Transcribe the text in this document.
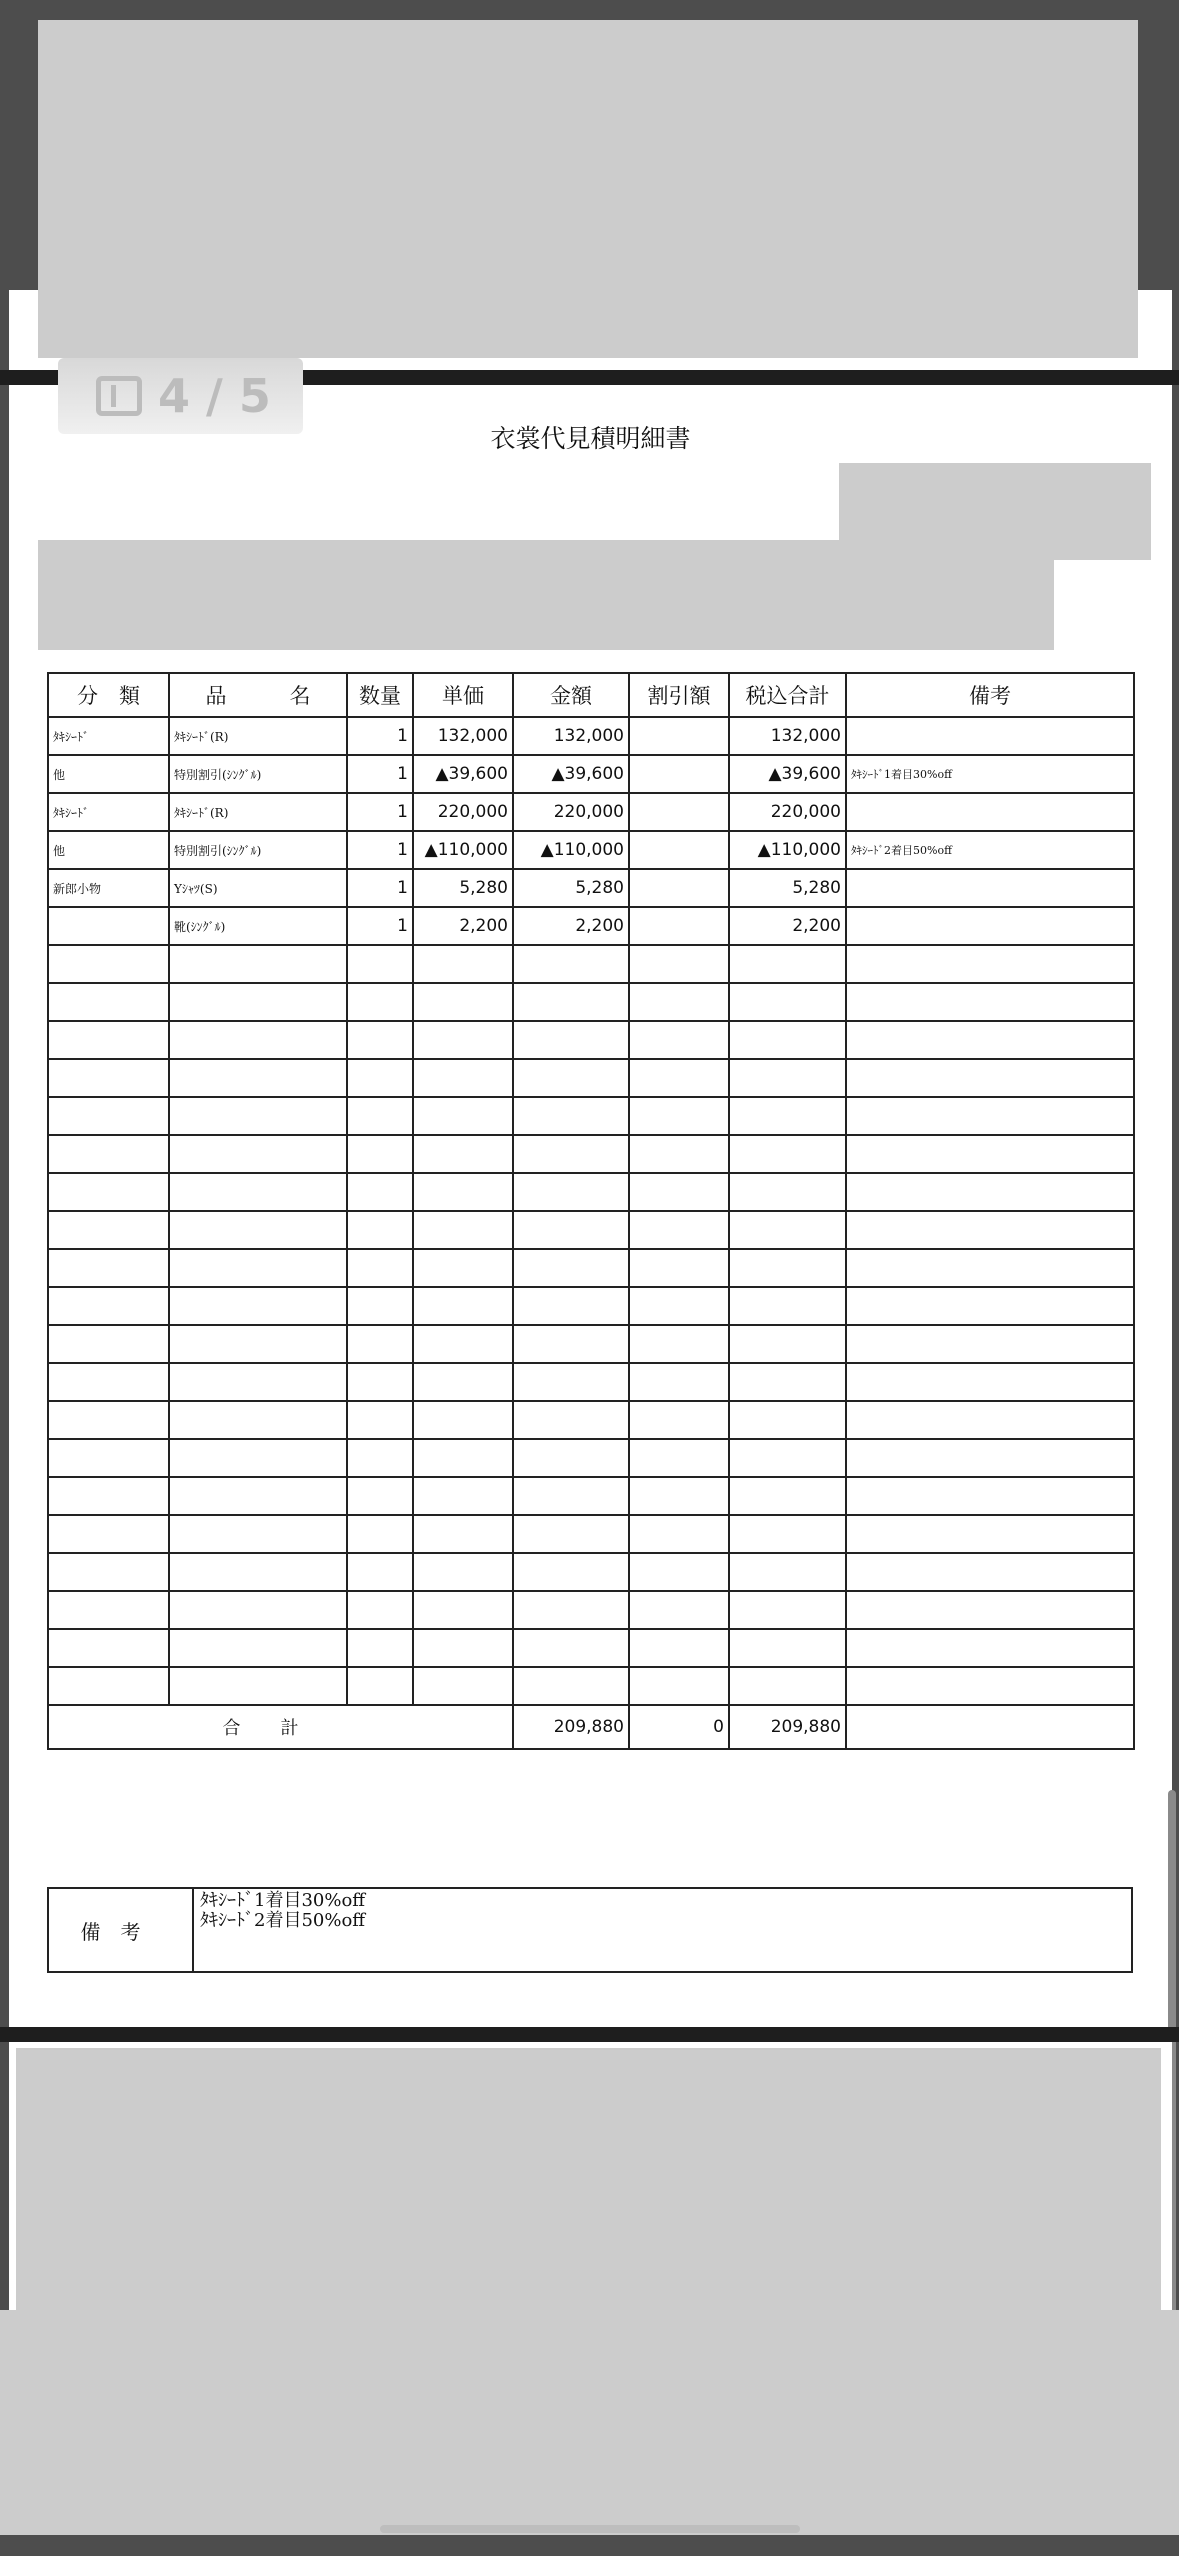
衣裳代見積明細書
分　類	品　　　名	数量	単価	金額	割引額	税込合計	備考
ﾀｷｼｰﾄﾞ	ﾀｷｼｰﾄﾞ(R)	1	132,000	132,000		132,000	
他	特別割引(ｼﾝｸﾞﾙ)	1	▲39,600	▲39,600		▲39,600	ﾀｷｼｰﾄﾞ1着目30%off
ﾀｷｼｰﾄﾞ	ﾀｷｼｰﾄﾞ(R)	1	220,000	220,000		220,000	
他	特別割引(ｼﾝｸﾞﾙ)	1	▲110,000	▲110,000		▲110,000	ﾀｷｼｰﾄﾞ2着目50%off
新郎小物	Yｼｬﾂ(S)	1	5,280	5,280		5,280	
	靴(ｼﾝｸﾞﾙ)	1	2,200	2,200		2,200	

合計				209,880	0	209,880	
備考	
ﾀｷｼｰﾄﾞ1着目30%off
ﾀｷｼｰﾄﾞ2着目50%off
4 / 5
